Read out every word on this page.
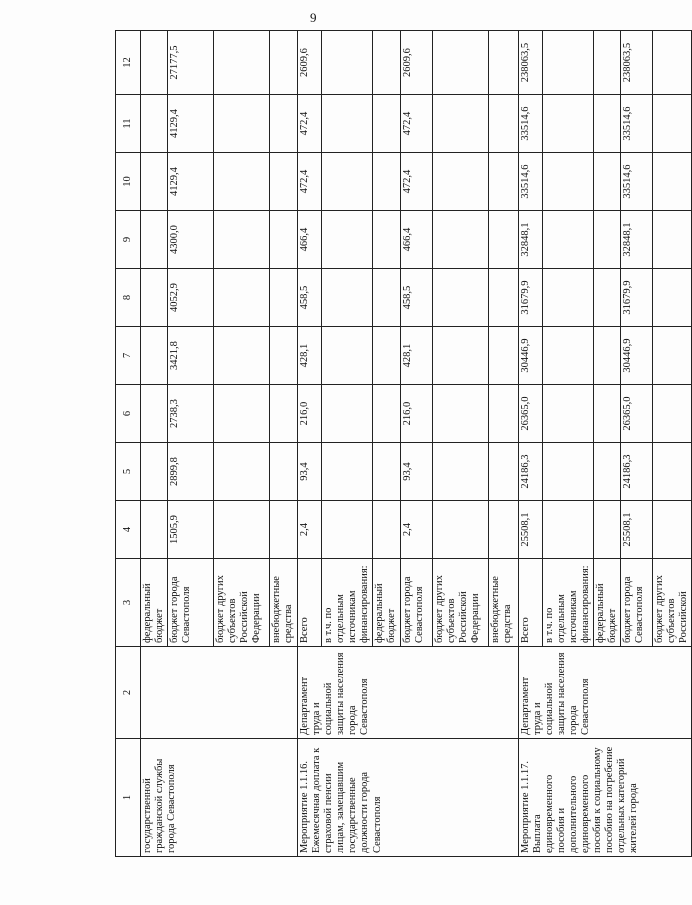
9
1	2	3	4	5	6	7	8	9	10	11	12
государственной гражданской службы города Севастополя		федеральный бюджет									
		бюджет города Севастополя	1505,9	2899,8	2738,3	3421,8	4052,9	4300,0	4129,4	4129,4	27177,5
		бюджет других субъектов Российской Федерации									
		внебюджетные средства									
Мероприятие 1.1.16. Ежемесячная доплата к страховой пенсии лицам, замещавшим государственные должности города Севастополя	Департамент труда и социальной защиты населения города Севастополя	Всего	2,4	93,4	216,0	428,1	458,5	466,4	472,4	472,4	2609,6
		в т.ч. по отдельным источникам финансирования:									
		федеральный бюджет									
		бюджет города Севастополя	2,4	93,4	216,0	428,1	458,5	466,4	472,4	472,4	2609,6
		бюджет других субъектов Российской Федерации									
		внебюджетные средства									
Мероприятие 1.1.17. Выплата единовременного пособия и дополнительного единовременного пособия к социальному пособию на погребение отдельных категорий жителей города	Департамент труда и социальной защиты населения города Севастополя	Всего	25508,1	24186,3	26365,0	30446,9	31679,9	32848,1	33514,6	33514,6	238063,5
		в т.ч. по отдельным источникам финансирования:									
		федеральный бюджет									
		бюджет города Севастополя	25508,1	24186,3	26365,0	30446,9	31679,9	32848,1	33514,6	33514,6	238063,5
		бюджет других субъектов Российской									
